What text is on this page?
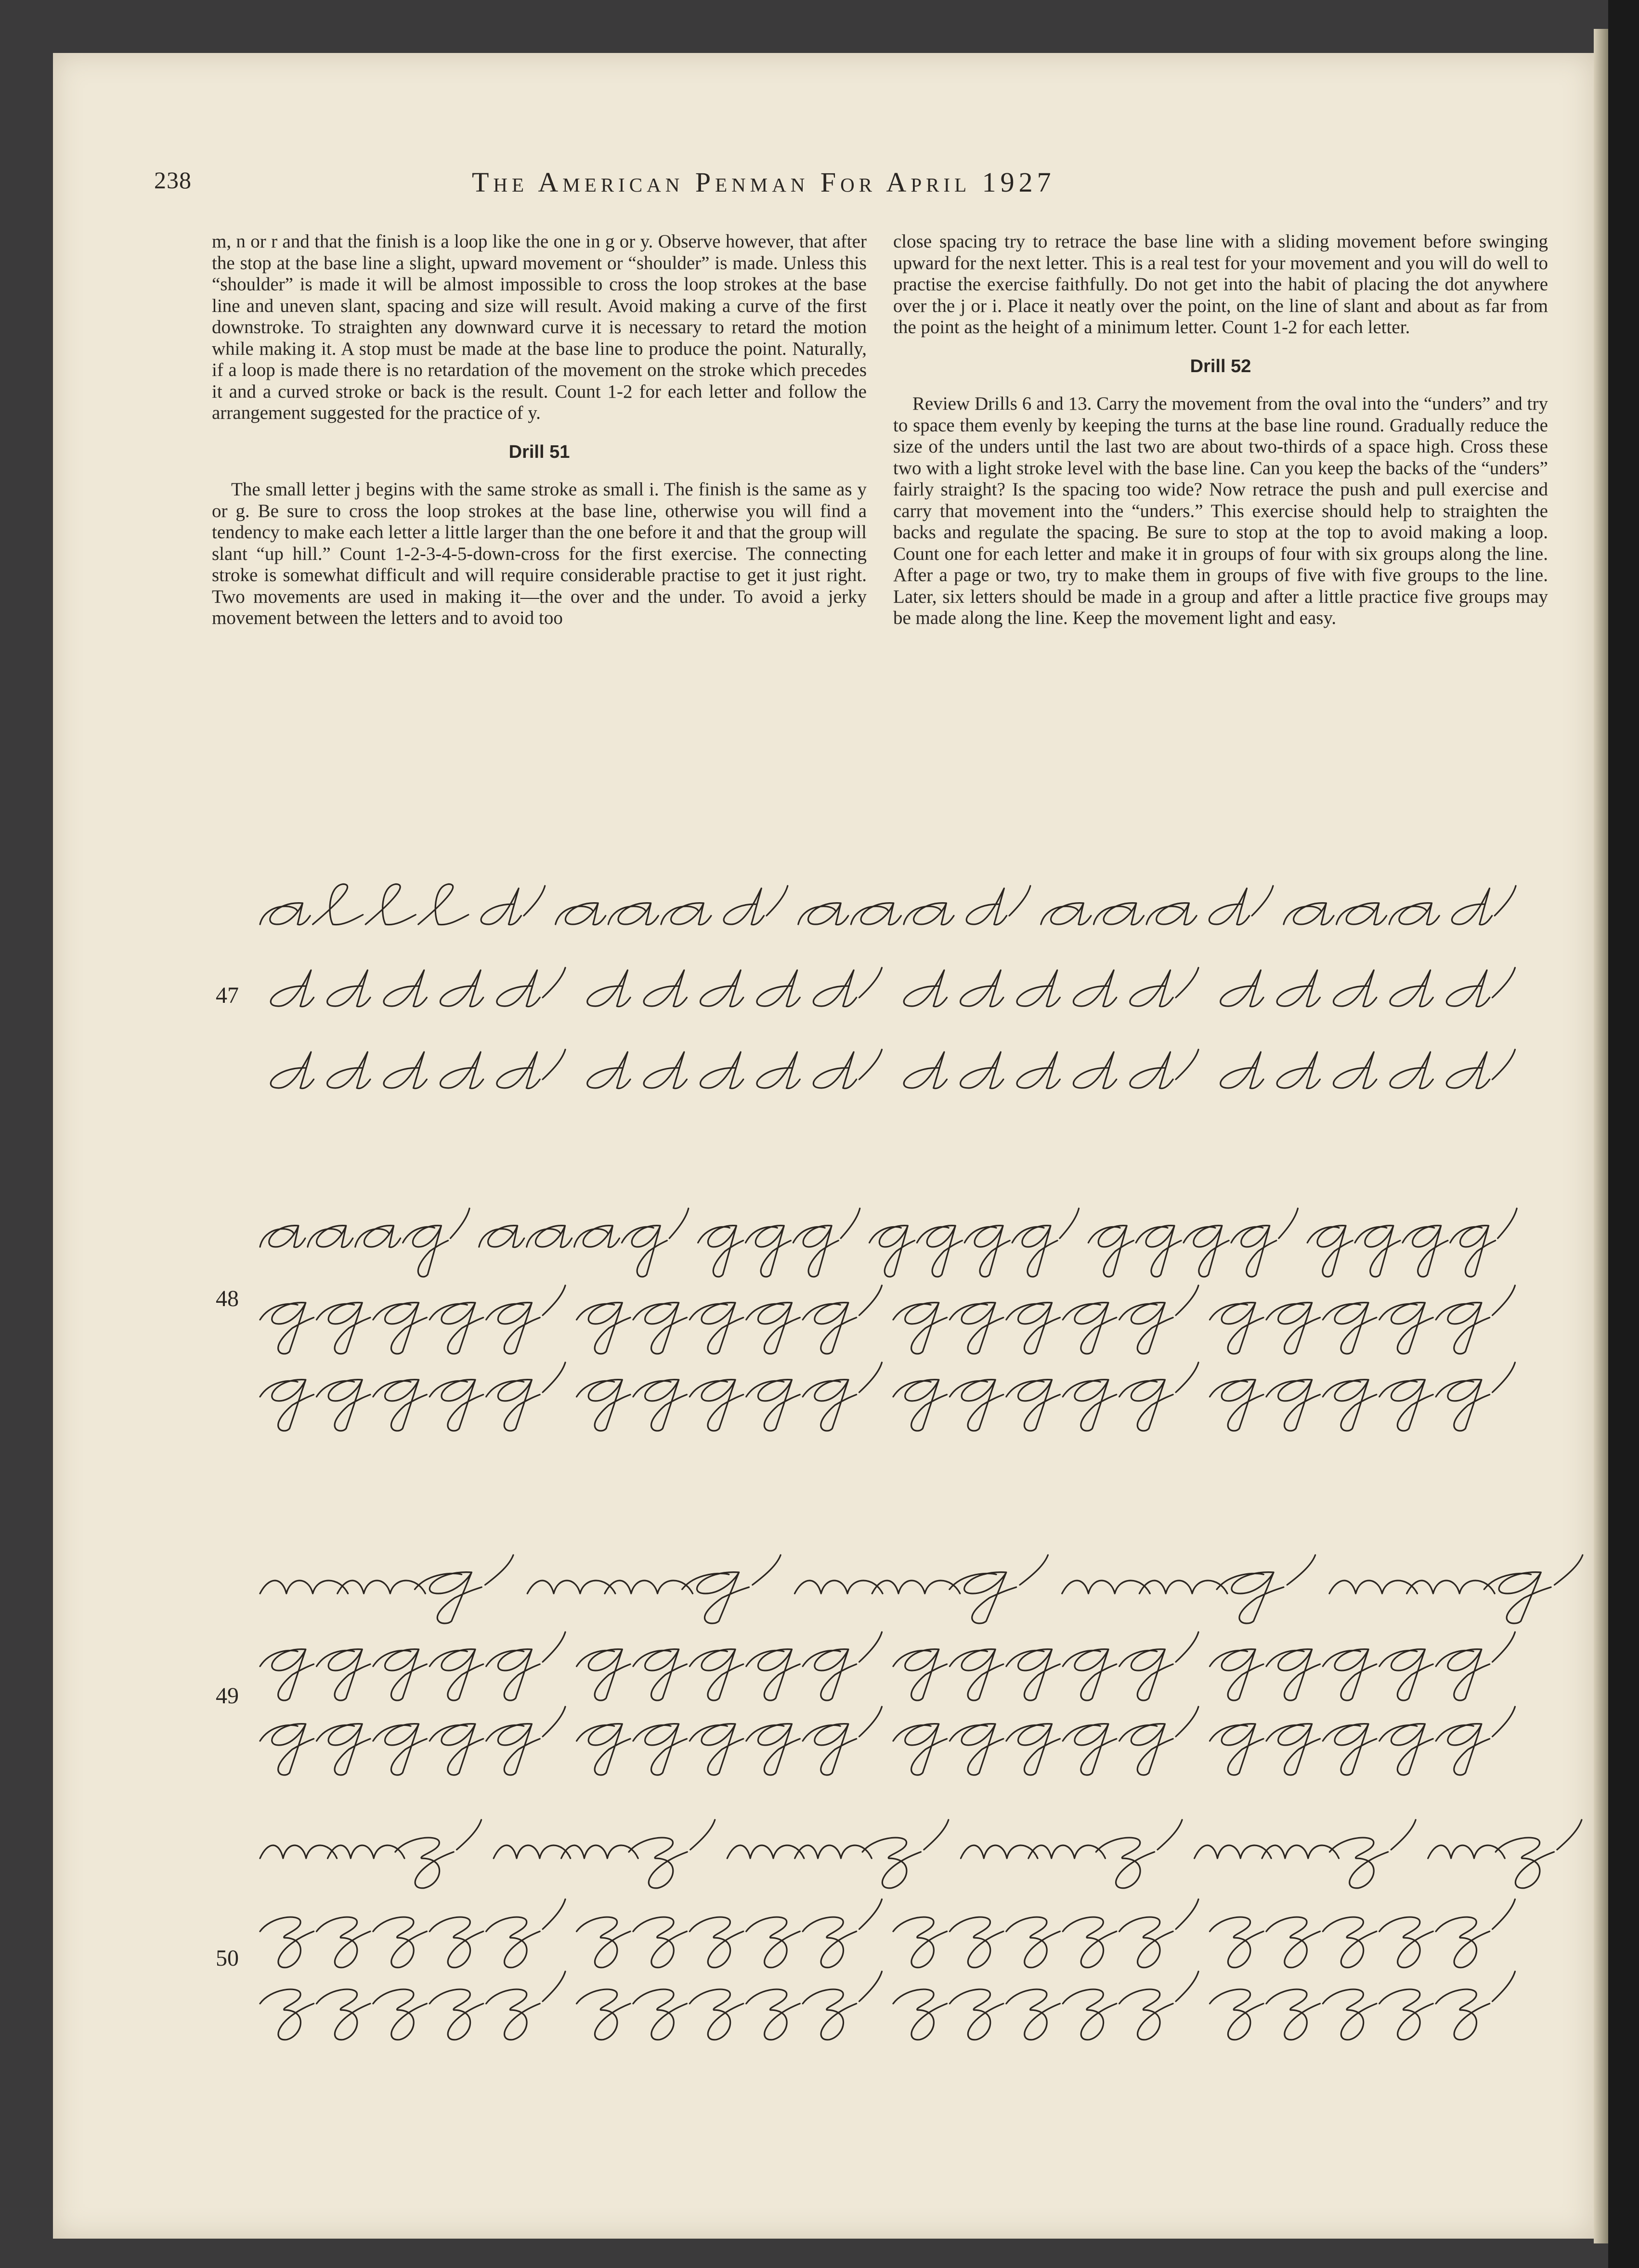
238	The American Penman For April 1927

m, n or r and that the finish is a loop like the one in g or y. Observe however, that after the stop at the base line a slight, upward movement or “shoulder” is made. Unless this “shoulder” is made it will be almost impossible to cross the loop strokes at the base line and uneven slant, spacing and size will result. Avoid making a curve of the first downstroke. To straighten any downward curve it is necessary to retard the motion while making it. A stop must be made at the base line to produce the point. Naturally, if a loop is made there is no retardation of the movement on the stroke which precedes it and a curved stroke or back is the result. Count 1-2 for each letter and follow the arrangement suggested for the practice of y.

Drill 51

The small letter j begins with the same stroke as small i. The finish is the same as y or g. Be sure to cross the loop strokes at the base line, otherwise you will find a tendency to make each letter a little larger than the one before it and that the group will slant “up hill.” Count 1-2-3-4-5-down-cross for the first exercise. The connecting stroke is somewhat difficult and will require considerable practise to get it just right. Two movements are used in making it—the over and the under. To avoid a jerky movement between the letters and to avoid too

close spacing try to retrace the base line with a sliding movement before swinging upward for the next letter. This is a real test for your movement and you will do well to practise the exercise faithfully. Do not get into the habit of placing the dot anywhere over the j or i. Place it neatly over the point, on the line of slant and about as far from the point as the height of a minimum letter. Count 1-2 for each letter.

Drill 52

Review Drills 6 and 13. Carry the movement from the oval into the “unders” and try to space them evenly by keeping the turns at the base line round. Gradually reduce the size of the unders until the last two are about two-thirds of a space high. Cross these two with a light stroke level with the base line. Can you keep the backs of the “unders” fairly straight? Is the spacing too wide? Now retrace the push and pull exercise and carry that movement into the “unders.” This exercise should help to straighten the backs and regulate the spacing. Be sure to stop at the top to avoid making a loop. Count one for each letter and make it in groups of four with six groups along the line. After a page or two, try to make them in groups of five with five groups to the line. Later, six letters should be made in a group and after a little practice five groups may be made along the line. Keep the movement light and easy.

47
48
49
50
